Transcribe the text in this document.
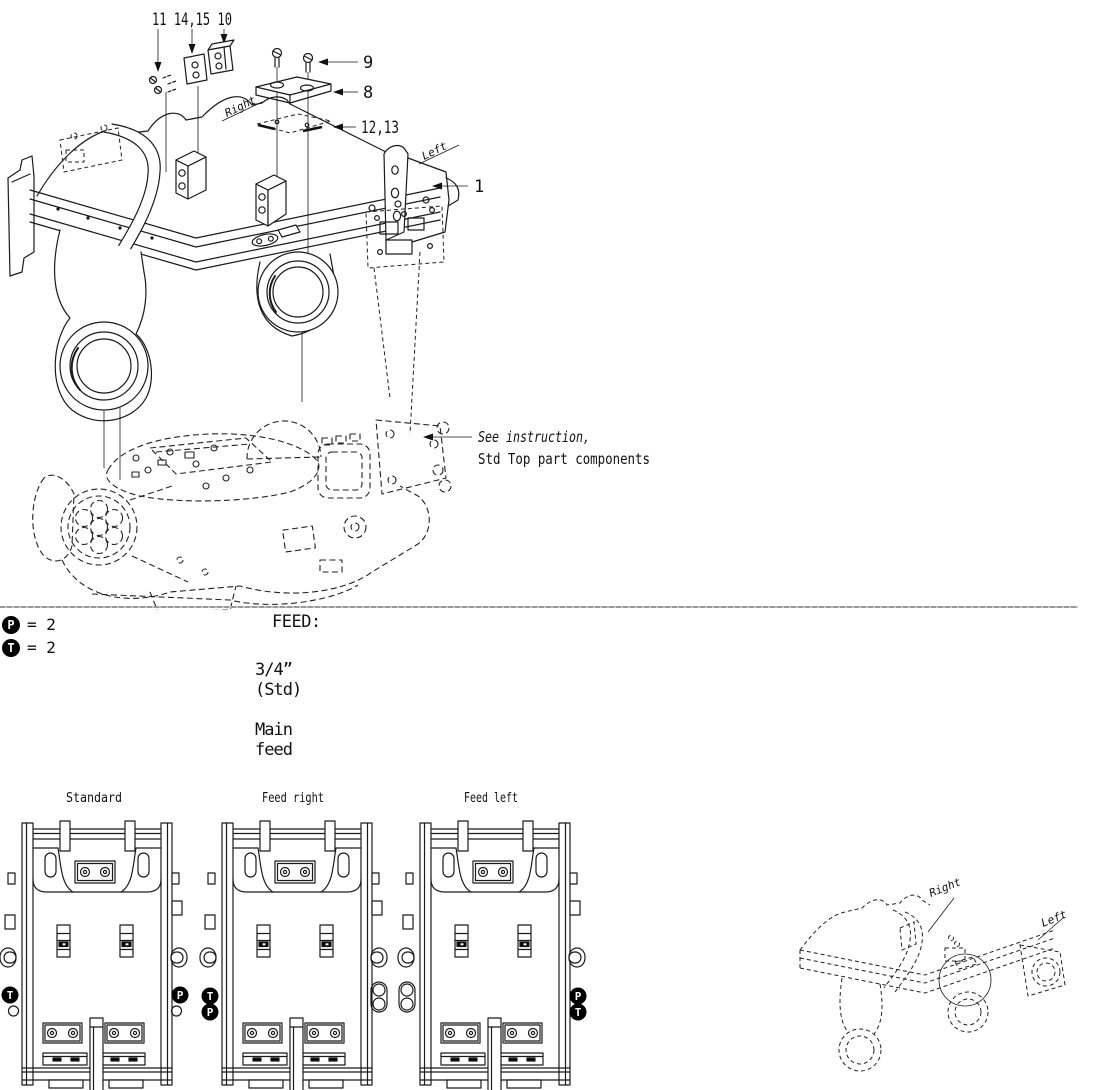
11 14,15 10
9
8
12,13
1
Right
Left
See instruction,
Std Top part components
P = 2
T = 2
FEED:
3/4” (Std)
Main feed
Standard	Feed right	Feed left
T	P T
P
P
T
Right
Left
